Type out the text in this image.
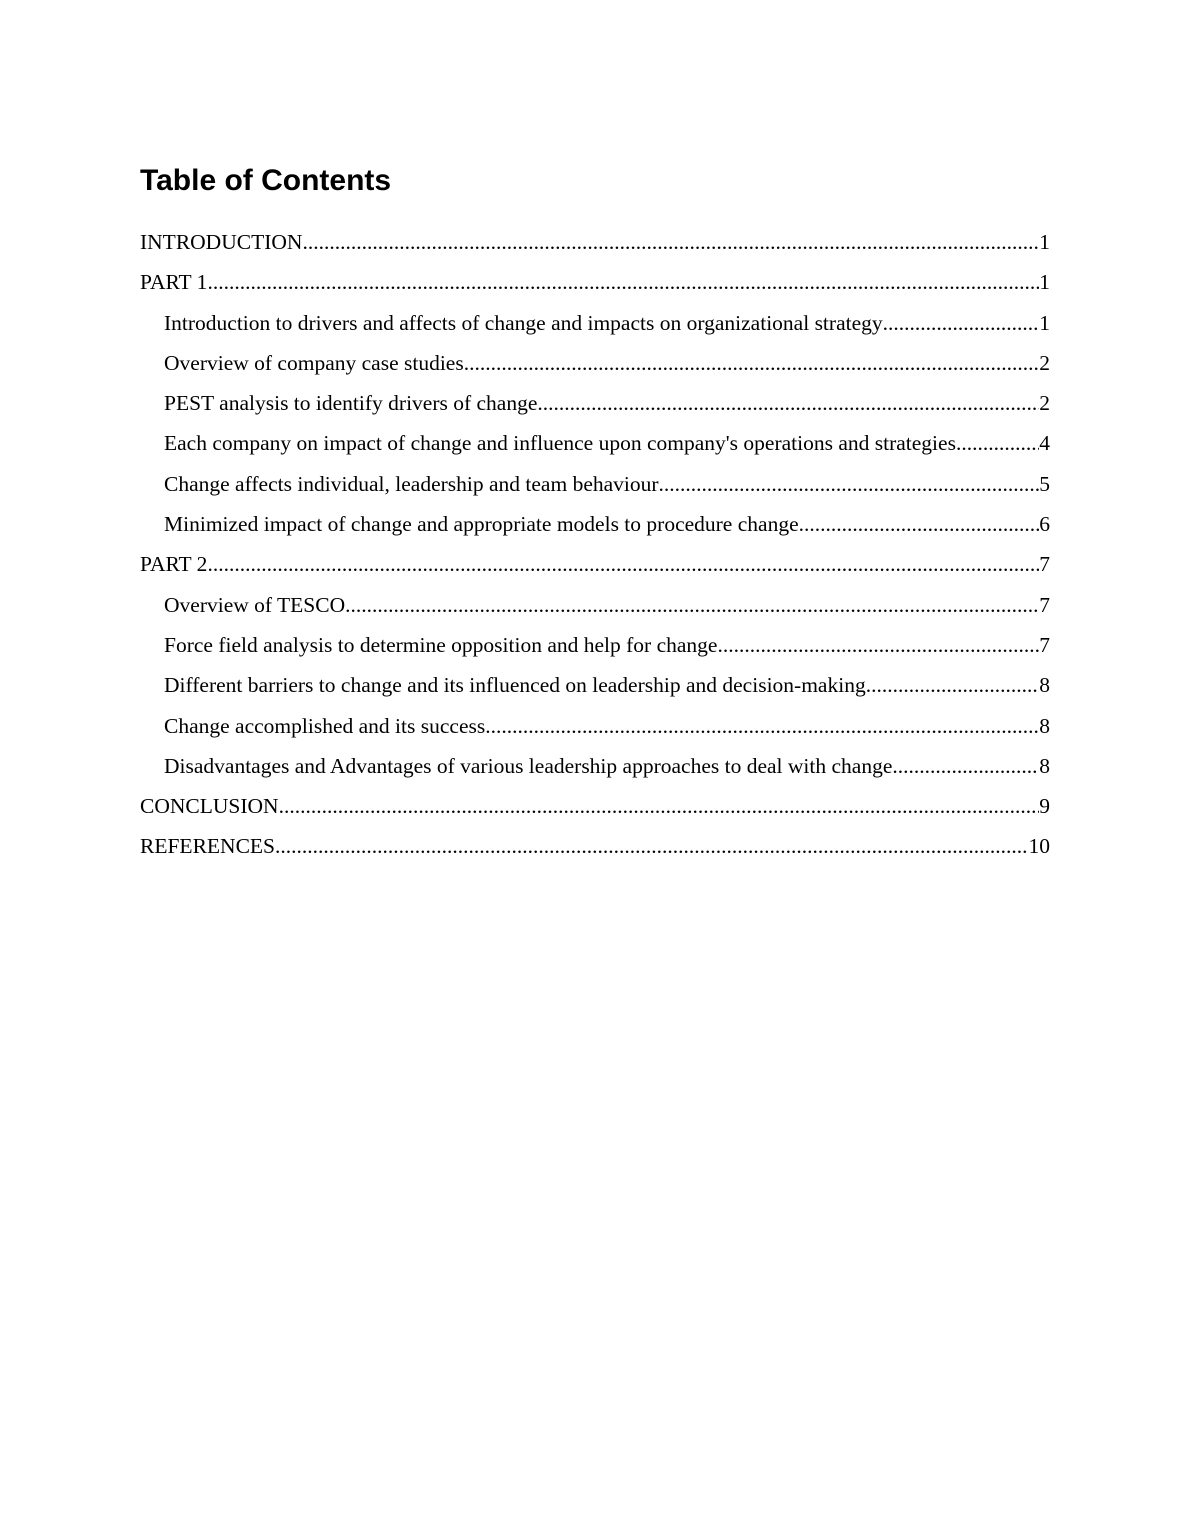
Table of Contents
INTRODUCTION .....	1
PART 1 .....	1
Introduction to drivers and affects of change and impacts on organizational strategy .....	1
Overview of company case studies .....	2
PEST analysis to identify drivers of change .....	2
Each company on impact of change and influence upon company's operations and strategies. .....	4
Change affects individual, leadership and team behaviour .....	5
Minimized impact of change and appropriate models to procedure change .....	6
PART 2 .....	7
Overview of TESCO .....	7
Force field analysis to determine opposition and help for change .....	7
Different barriers to change and its influenced on leadership and decision-making .....	8
Change accomplished and its success .....	8
Disadvantages and Advantages of various leadership approaches to deal with change .....	8
CONCLUSION .....	9
REFERENCES .....	10
